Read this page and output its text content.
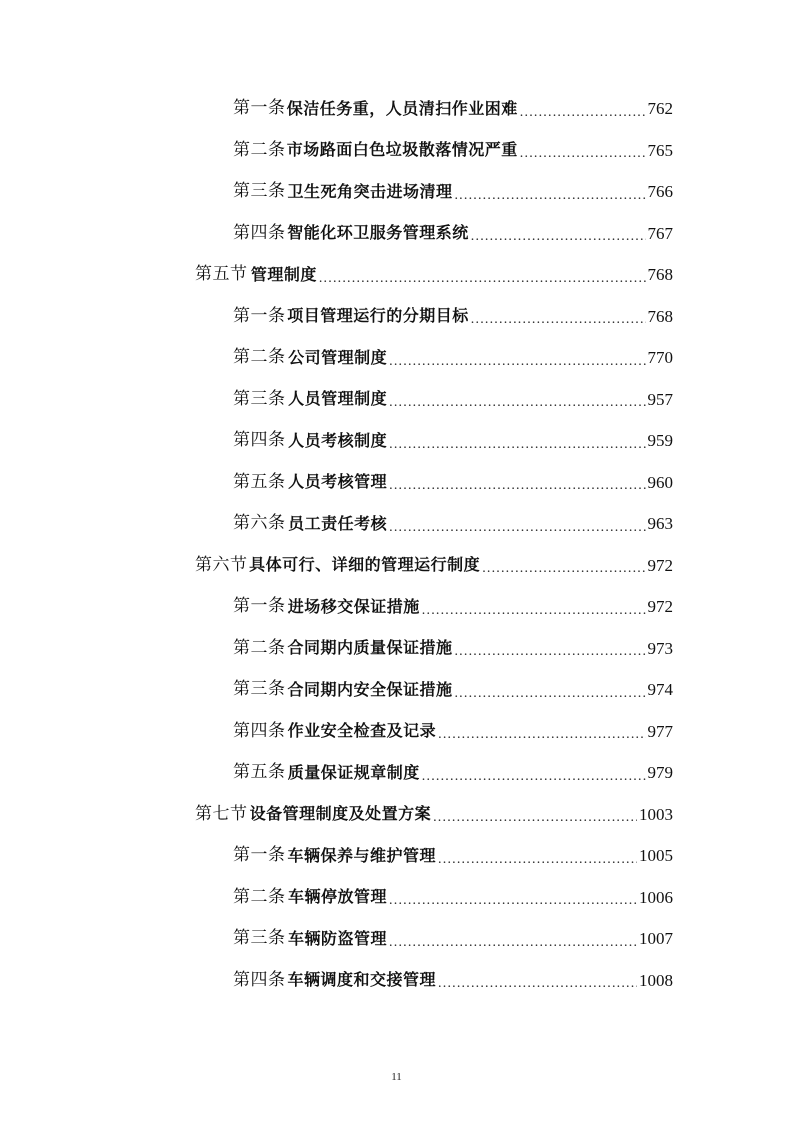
第一条 保洁任务重，人员清扫作业困难 .....	762
第二条 市场路面白色垃圾散落情况严重 .....	765
第三条 卫生死角突击进场清理 .....	766
第四条 智能化环卫服务管理系统 .....	767
第五节 管理制度 .....	768
第一条 项目管理运行的分期目标 .....	768
第二条 公司管理制度 .....	770
第三条 人员管理制度 .....	957
第四条 人员考核制度 .....	959
第五条 人员考核管理 .....	960
第六条 员工责任考核 .....	963
第六节 具体可行、详细的管理运行制度 .....	972
第一条 进场移交保证措施 .....	972
第二条 合同期内质量保证措施 .....	973
第三条 合同期内安全保证措施 .....	974
第四条 作业安全检查及记录 .....	977
第五条 质量保证规章制度 .....	979
第七节 设备管理制度及处置方案 .....	1003
第一条 车辆保养与维护管理 .....	1005
第二条 车辆停放管理 .....	1006
第三条 车辆防盗管理 .....	1007
第四条 车辆调度和交接管理 .....	1008
11
